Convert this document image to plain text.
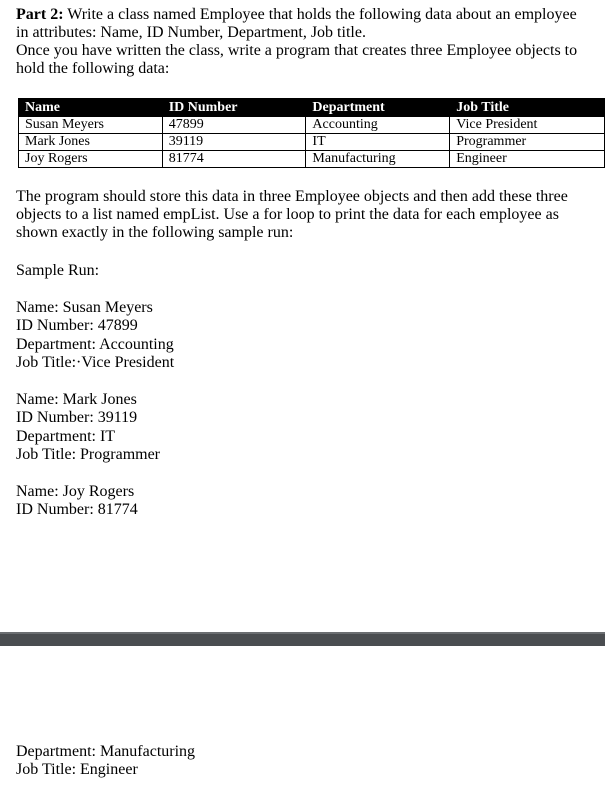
Part 2: Write a class named Employee that holds the following data about an employee in attributes: Name, ID Number, Department, Job title.
Once you have written the class, write a program that creates three Employee objects to hold the following data:
Name	ID Number	Department	Job Title
Susan Meyers	47899	Accounting	Vice President
Mark Jones	39119	IT	Programmer
Joy Rogers	81774	Manufacturing	Engineer
The program should store this data in three Employee objects and then add these three objects to a list named empList. Use a for loop to print the data for each employee as shown exactly in the following sample run:
Sample Run:
Name: Susan Meyers
ID Number: 47899
Department: Accounting
Job Title:·Vice President
Name: Mark Jones
ID Number: 39119
Department: IT
Job Title: Programmer
Name: Joy Rogers
ID Number: 81774
Department: Manufacturing
Job Title: Engineer
